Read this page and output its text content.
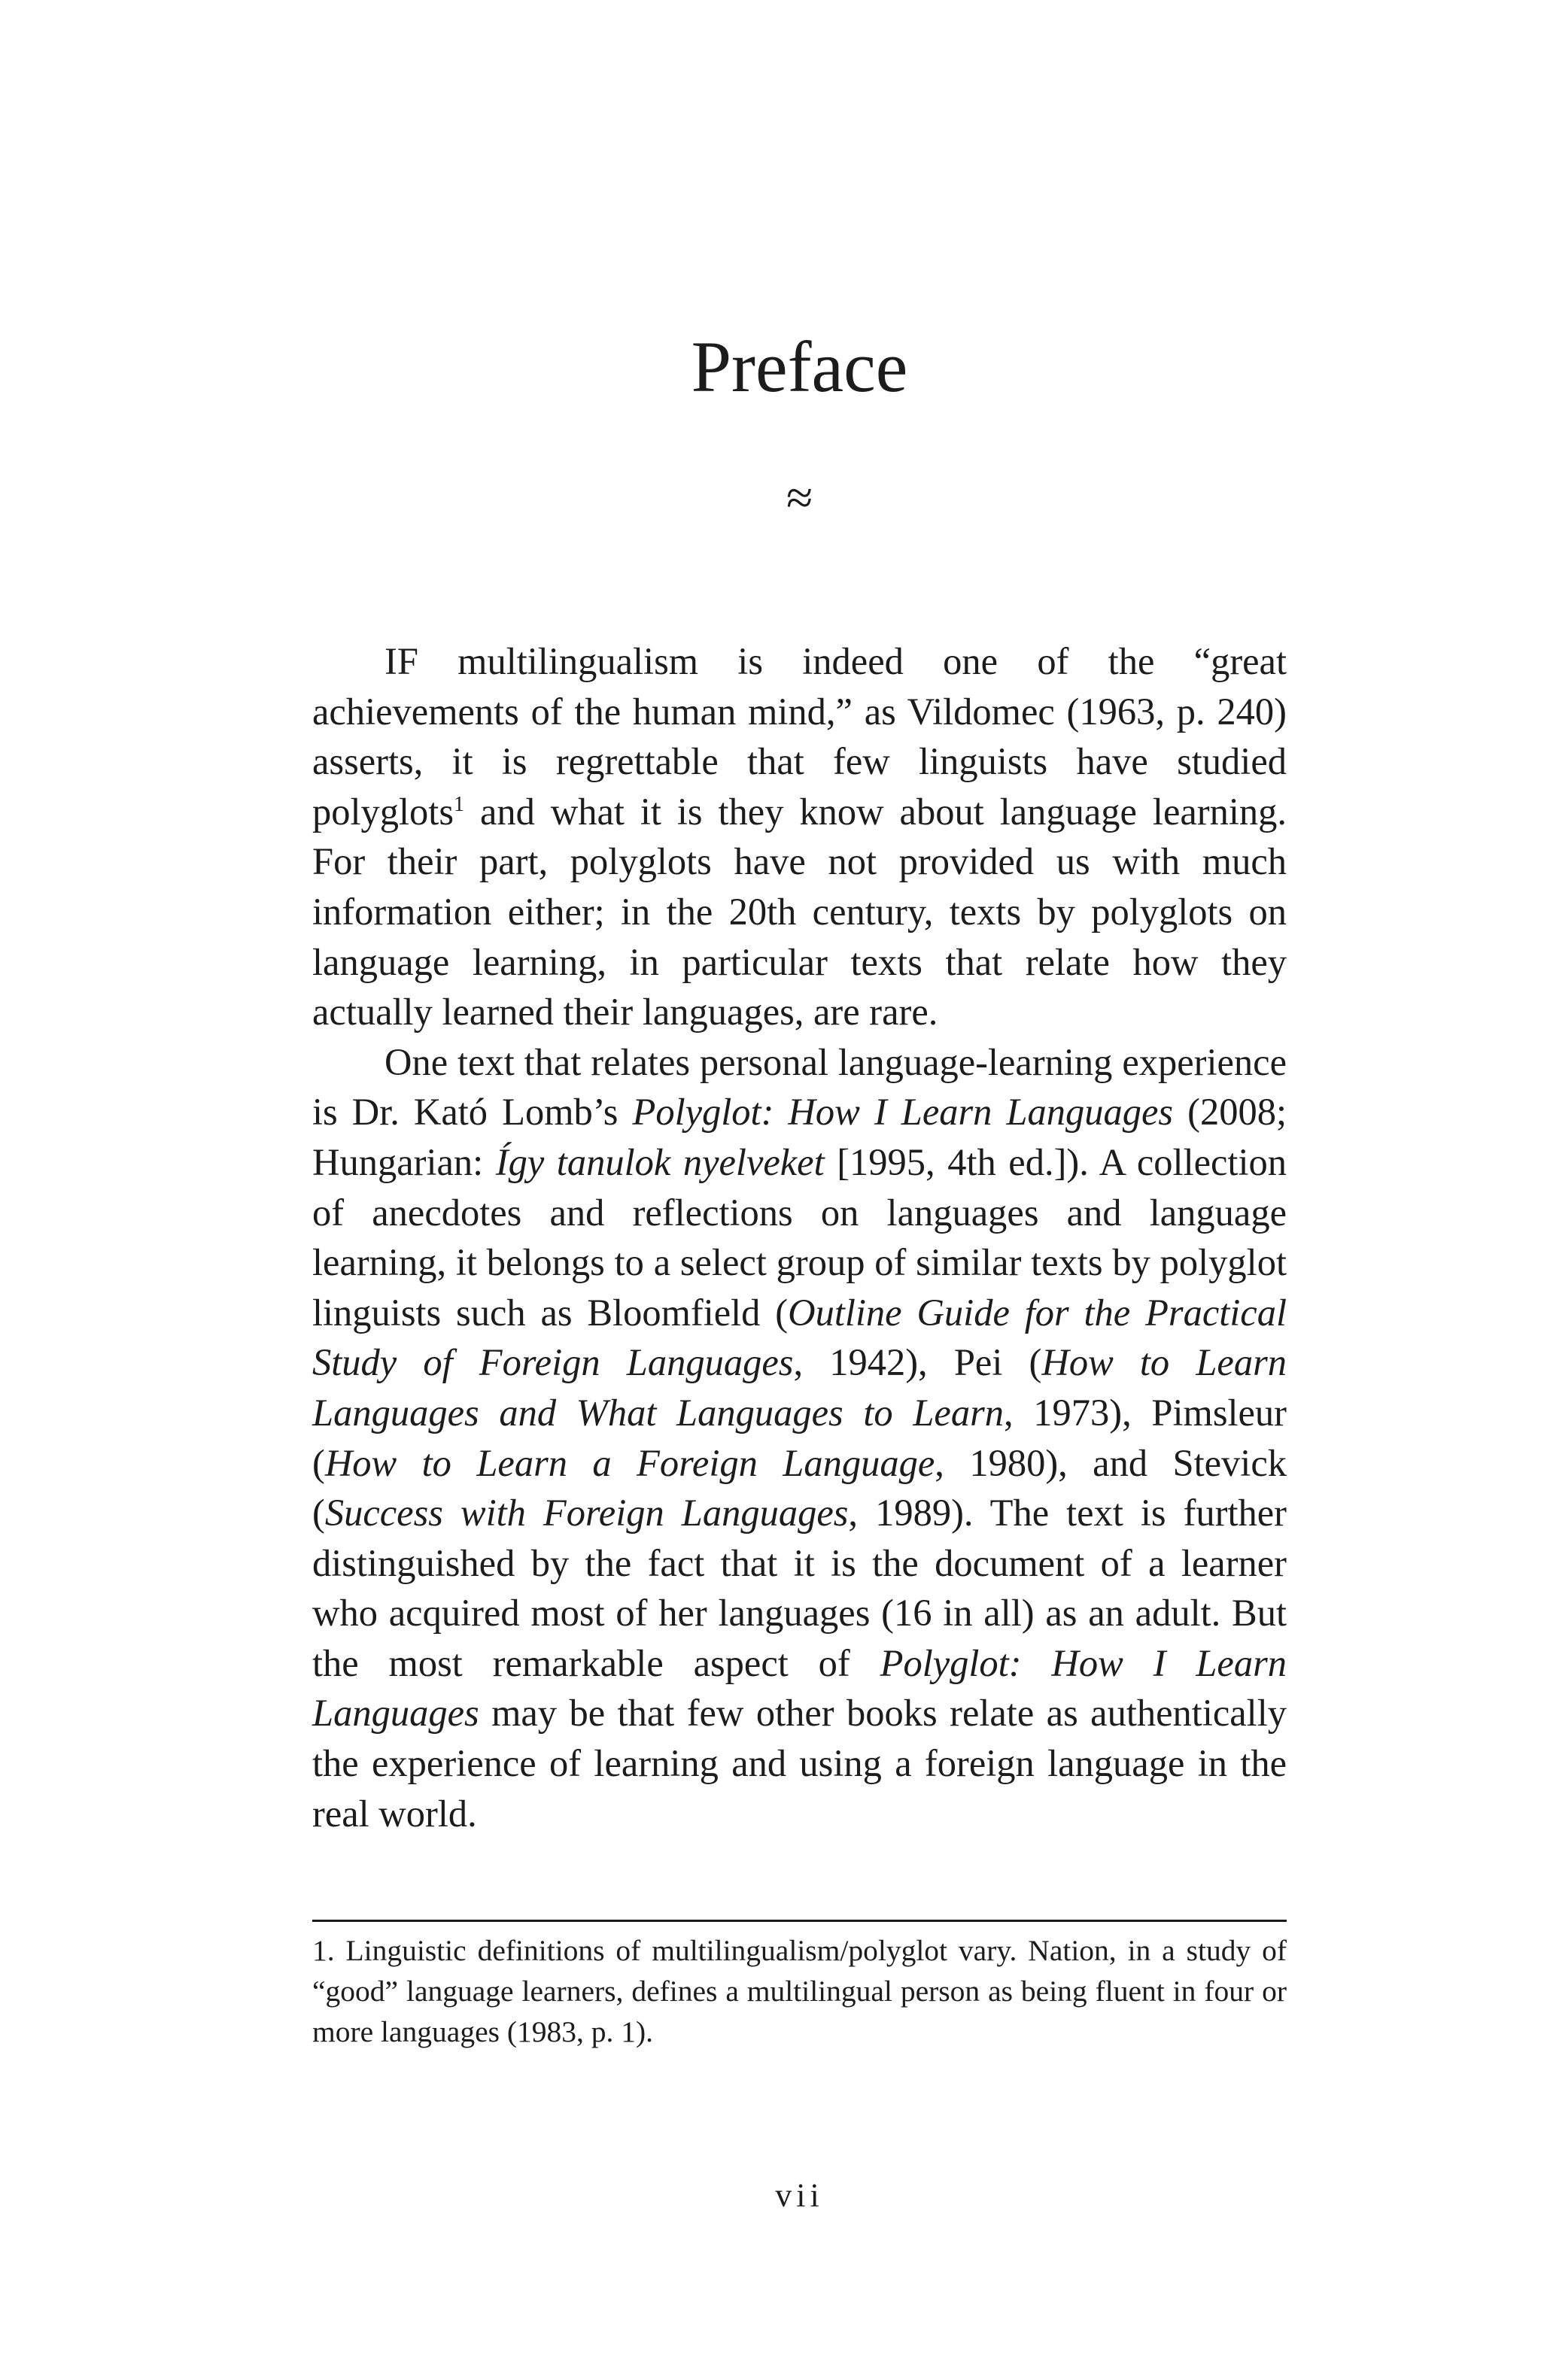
Preface
≈

IF multilingualism is indeed one of the “great achievements of the human mind,” as Vildomec (1963, p. 240) asserts, it is regrettable that few linguists have studied polyglots$^1$ and what it is they know about language learning. For their part, polyglots have not provided us with much information either; in the 20th century, texts by polyglots on language learning, in particular texts that relate how they actually learned their languages, are rare.

One text that relates personal language-learning experience is Dr. Kató Lomb’s Polyglot: How I Learn Languages (2008; Hungarian: Így tanulok nyelveket [1995, 4th ed.]). A collection of anecdotes and reflections on languages and language learning, it belongs to a select group of similar texts by polyglot linguists such as Bloomfield (Outline Guide for the Practical Study of Foreign Languages, 1942), Pei (How to Learn Languages and What Languages to Learn, 1973), Pimsleur (How to Learn a Foreign Language, 1980), and Stevick (Success with Foreign Languages, 1989). The text is further distinguished by the fact that it is the document of a learner who acquired most of her languages (16 in all) as an adult. But the most remarkable aspect of Polyglot: How I Learn Languages may be that few other books relate as authentically the experience of learning and using a foreign language in the real world.

1. Linguistic definitions of multilingualism/polyglot vary. Nation, in a study of “good” language learners, defines a multilingual person as being fluent in four or more languages (1983, p. 1).

vii
